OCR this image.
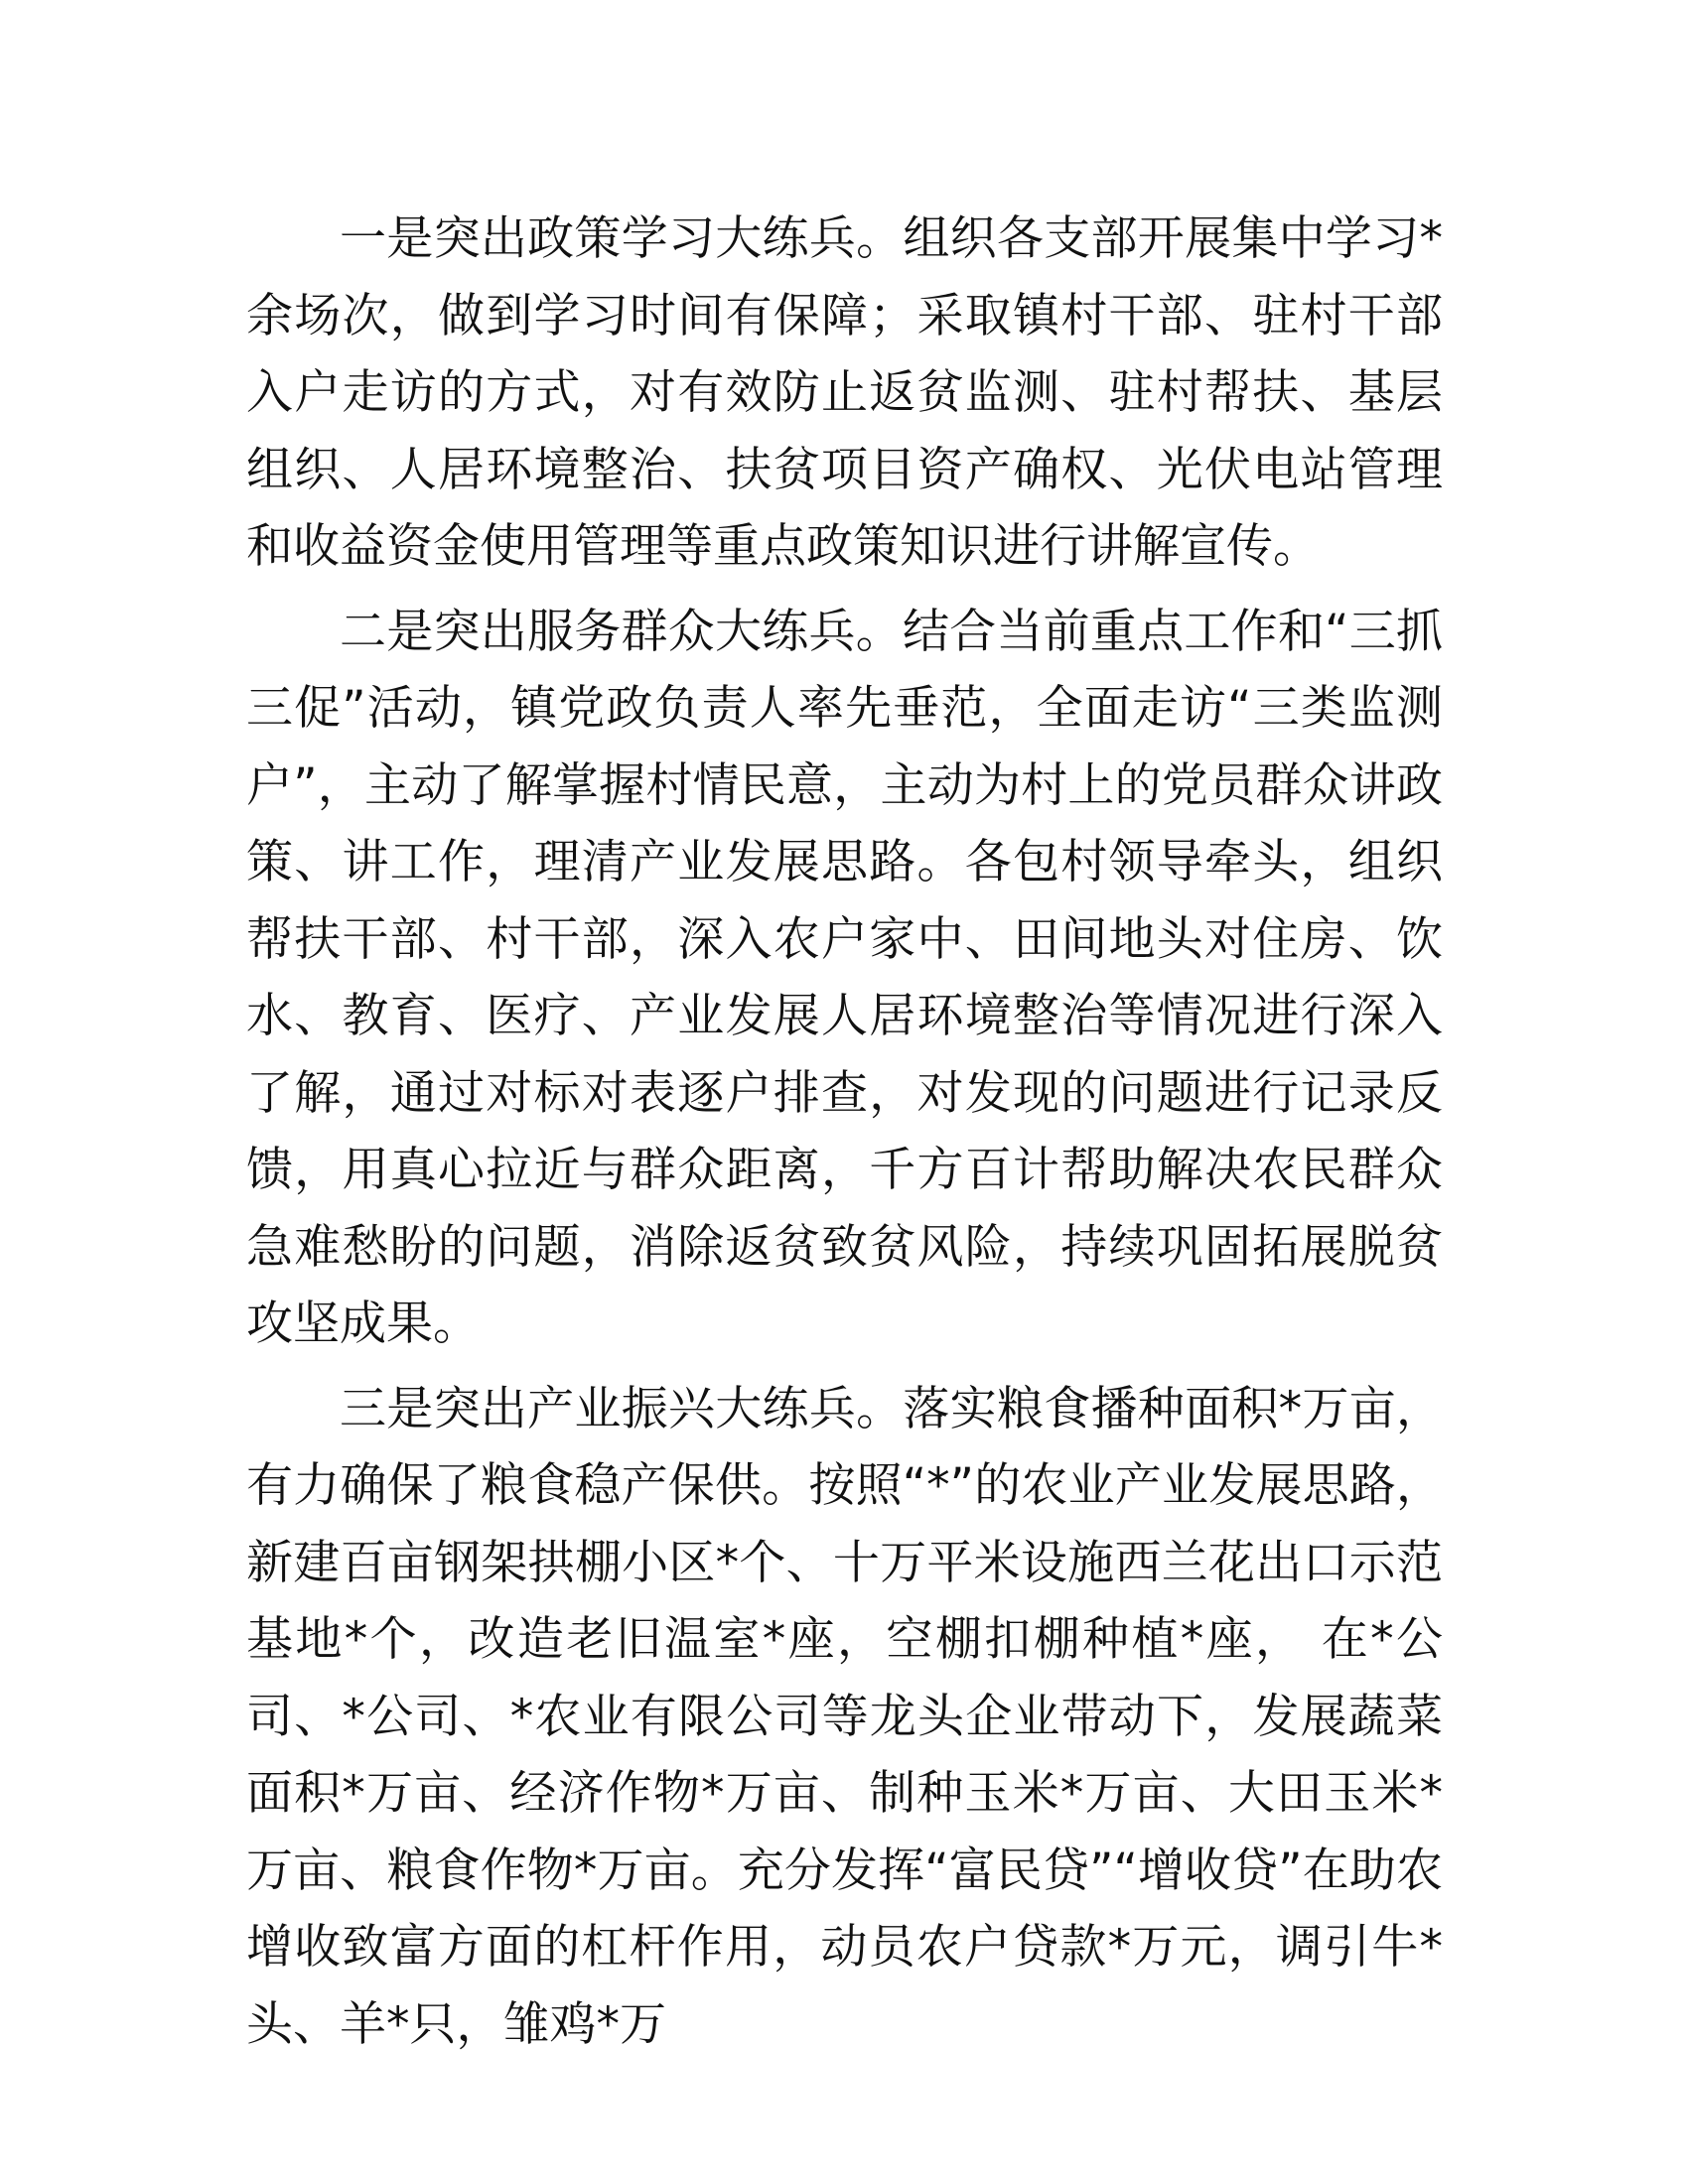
一是突出政策学习大练兵。组织各支部开展集中学习*余场次，做到学习时间有保障；采取镇村干部、驻村干部入户走访的方式，对有效防止返贫监测、驻村帮扶、基层组织、人居环境整治、扶贫项目资产确权、光伏电站管理和收益资金使用管理等重点政策知识进行讲解宣传。

二是突出服务群众大练兵。结合当前重点工作和“三抓三促”活动，镇党政负责人率先垂范，全面走访“三类监测户”，主动了解掌握村情民意，主动为村上的党员群众讲政策、讲工作，理清产业发展思路。各包村领导牵头，组织帮扶干部、村干部，深入农户家中、田间地头对住房、饮水、教育、医疗、产业发展人居环境整治等情况进行深入了解，通过对标对表逐户排查，对发现的问题进行记录反馈，用真心拉近与群众距离，千方百计帮助解决农民群众急难愁盼的问题，消除返贫致贫风险，持续巩固拓展脱贫攻坚成果。

三是突出产业振兴大练兵。落实粮食播种面积*万亩，有力确保了粮食稳产保供。按照“*”的农业产业发展思路，新建百亩钢架拱棚小区*个、十万平米设施西兰花出口示范基地*个，改造老旧温室*座，空棚扣棚种植*座， 在*公司、*公司、*农业有限公司等龙头企业带动下，发展蔬菜面积*万亩、经济作物*万亩、制种玉米*万亩、大田玉米*万亩、粮食作物*万亩。充分发挥“富民贷”“增收贷”在助农增收致富方面的杠杆作用，动员农户贷款*万元，调引牛*头、羊*只，雏鸡*万
